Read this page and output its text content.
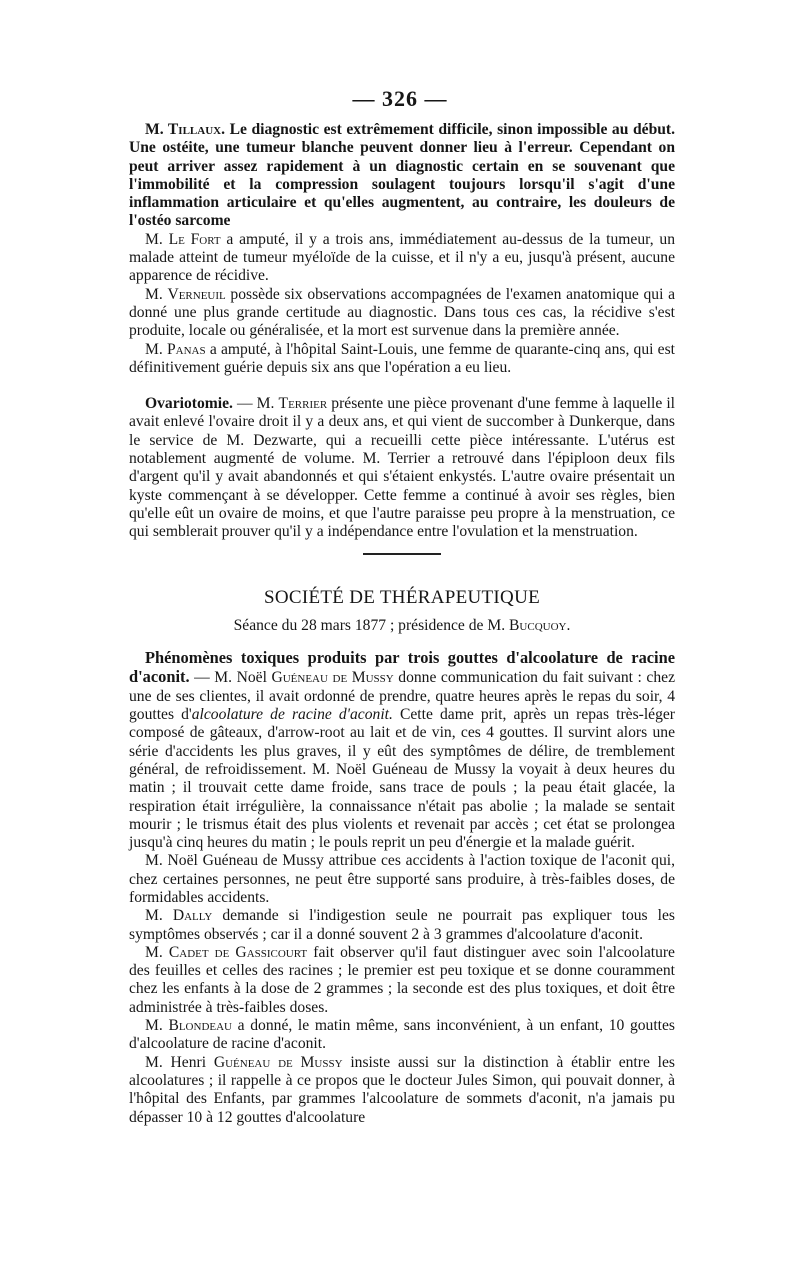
— 326 —

M. Tillaux. Le diagnostic est extrêmement difficile, sinon impossible au début. Une ostéite, une tumeur blanche peuvent donner lieu à l'erreur. Cependant on peut arriver assez rapidement à un diagnostic certain en se souvenant que l'immobilité et la compression soulagent toujours lorsqu'il s'agit d'une inflammation articulaire et qu'elles augmentent, au contraire, les douleurs de l'ostéo sarcome

M. Le Fort a amputé, il y a trois ans, immédiatement au-dessus de la tumeur, un malade atteint de tumeur myéloïde de la cuisse, et il n'y a eu, jusqu'à présent, aucune apparence de récidive.

M. Verneuil possède six observations accompagnées de l'examen anatomique qui a donné une plus grande certitude au diagnostic. Dans tous ces cas, la récidive s'est produite, locale ou généralisée, et la mort est survenue dans la première année.

M. Panas a amputé, à l'hôpital Saint-Louis, une femme de quarante-cinq ans, qui est définitivement guérie depuis six ans que l'opération a eu lieu.

Ovariotomie. — M. Terrier présente une pièce provenant d'une femme à laquelle il avait enlevé l'ovaire droit il y a deux ans, et qui vient de succomber à Dunkerque, dans le service de M. Dezwarte, qui a recueilli cette pièce intéressante. L'utérus est notablement augmenté de volume. M. Terrier a retrouvé dans l'épiploon deux fils d'argent qu'il y avait abandonnés et qui s'étaient enkystés. L'autre ovaire présentait un kyste commençant à se développer. Cette femme a continué à avoir ses règles, bien qu'elle eût un ovaire de moins, et que l'autre paraisse peu propre à la menstruation, ce qui semblerait prouver qu'il y a indépendance entre l'ovulation et la menstruation.

SOCIÉTÉ DE THÉRAPEUTIQUE

Séance du 28 mars 1877 ; présidence de M. Bucquoy.

Phénomènes toxiques produits par trois gouttes d'alcoolature de racine d'aconit. — M. Noël Guéneau de Mussy donne communication du fait suivant : chez une de ses clientes, il avait ordonné de prendre, quatre heures après le repas du soir, 4 gouttes d'alcoolature de racine d'aconit. Cette dame prit, après un repas très-léger composé de gâteaux, d'arrow-root au lait et de vin, ces 4 gouttes. Il survint alors une série d'accidents les plus graves, il y eût des symptômes de délire, de tremblement général, de refroidissement. M. Noël Guéneau de Mussy la voyait à deux heures du matin ; il trouvait cette dame froide, sans trace de pouls ; la peau était glacée, la respiration était irrégulière, la connaissance n'était pas abolie ; la malade se sentait mourir ; le trismus était des plus violents et revenait par accès ; cet état se prolongea jusqu'à cinq heures du matin ; le pouls reprit un peu d'énergie et la malade guérit.

M. Noël Guéneau de Mussy attribue ces accidents à l'action toxique de l'aconit qui, chez certaines personnes, ne peut être supporté sans produire, à très-faibles doses, de formidables accidents.

M. Dally demande si l'indigestion seule ne pourrait pas expliquer tous les symptômes observés ; car il a donné souvent 2 à 3 grammes d'alcoolature d'aconit.

M. Cadet de Gassicourt fait observer qu'il faut distinguer avec soin l'alcoolature des feuilles et celles des racines ; le premier est peu toxique et se donne couramment chez les enfants à la dose de 2 grammes ; la seconde est des plus toxiques, et doit être administrée à très-faibles doses.

M. Blondeau a donné, le matin même, sans inconvénient, à un enfant, 10 gouttes d'alcoolature de racine d'aconit.

M. Henri Guéneau de Mussy insiste aussi sur la distinction à établir entre les alcoolatures ; il rappelle à ce propos que le docteur Jules Simon, qui pouvait donner, à l'hôpital des Enfants, par grammes l'alcoolature de sommets d'aconit, n'a jamais pu dépasser 10 à 12 gouttes d'alcoolature
